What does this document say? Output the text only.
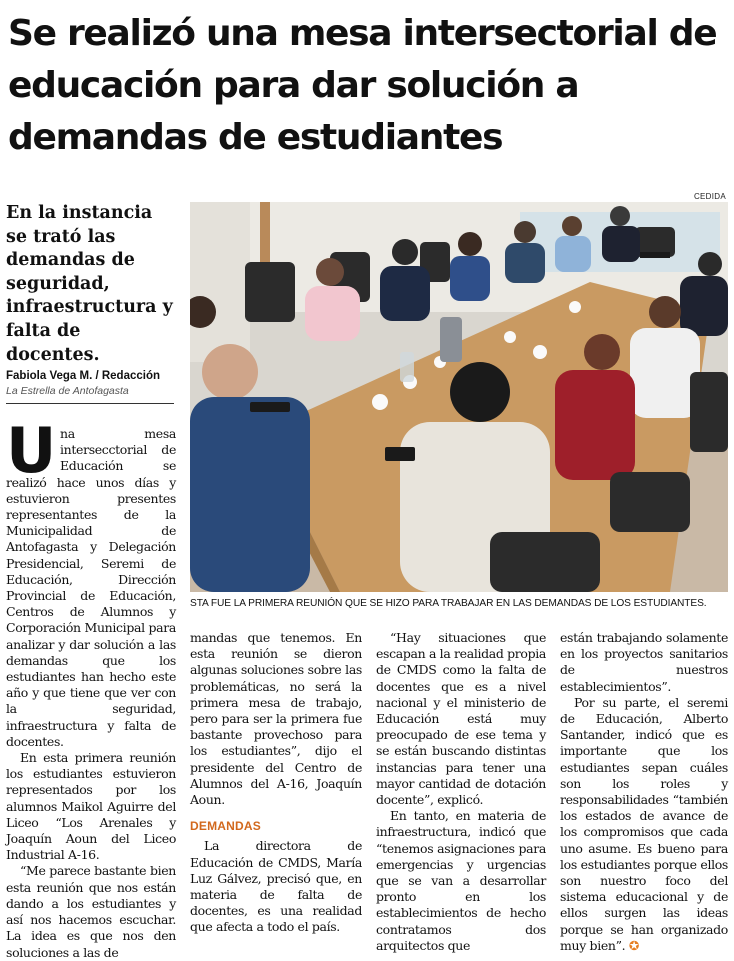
Se realizó una mesa intersectorial de educación para dar solución a demandas de estudiantes
CEDIDA
En la instancia se trató las demandas de seguridad, infraestructura y falta de docentes.
Fabiola Vega M. / Redacción
La Estrella de Antofagasta
STA FUE LA PRIMERA REUNIÓN QUE SE HIZO PARA TRABAJAR EN LAS DEMANDAS DE LOS ESTUDIANTES.

Una mesa intersecctorial de Educación se realizó hace unos días y estuvieron presentes representantes de la Municipalidad de Antofagasta y Delegación Presidencial, Seremi de Educación, Dirección Provincial de Educación, Centros de Alumnos y Corporación Municipal para analizar y dar solución a las demandas que los estudiantes han hecho este año y que tiene que ver con la seguridad, infraestructura y falta de docentes.

En esta primera reunión los estudiantes estuvieron representados por los alumnos Maikol Aguirre del Liceo “Los Arenales y Joaquín Aoun del Liceo Industrial A-16.

“Me parece bastante bien esta reunión que nos están dando a los estudiantes y así nos hacemos escuchar. La idea es que nos den soluciones a las de

mandas que tenemos. En esta reunión se dieron algunas soluciones sobre las problemáticas, no será la primera mesa de trabajo, pero para ser la primera fue bastante provechoso para los estudiantes”, dijo el presidente del Centro de Alumnos del A-16, Joaquín Aoun.

DEMANDAS

La directora de Educación de CMDS, María Luz Gálvez, precisó que, en materia de falta de docentes, es una realidad que afecta a todo el país.

“Hay situaciones que escapan a la realidad propia de CMDS como la falta de docentes que es a nivel nacional y el ministerio de Educación está muy preocupado de ese tema y se están buscando distintas instancias para tener una mayor cantidad de dotación docente”, explicó.

En tanto, en materia de infraestructura, indicó que “tenemos asignaciones para emergencias y urgencias que se van a desarrollar pronto en los establecimientos de hecho contratamos dos arquitectos que

están trabajando solamente en los proyectos sanitarios de nuestros establecimientos”.

Por su parte, el seremi de Educación, Alberto Santander, indicó que es importante que los estudiantes sepan cuáles son los roles y responsabilidades “también los estados de avance de los compromisos que cada uno asume. Es bueno para los estudiantes porque ellos son nuestro foco del sistema educacional y de ellos surgen las ideas porque se han organizado muy bien”. ✪
